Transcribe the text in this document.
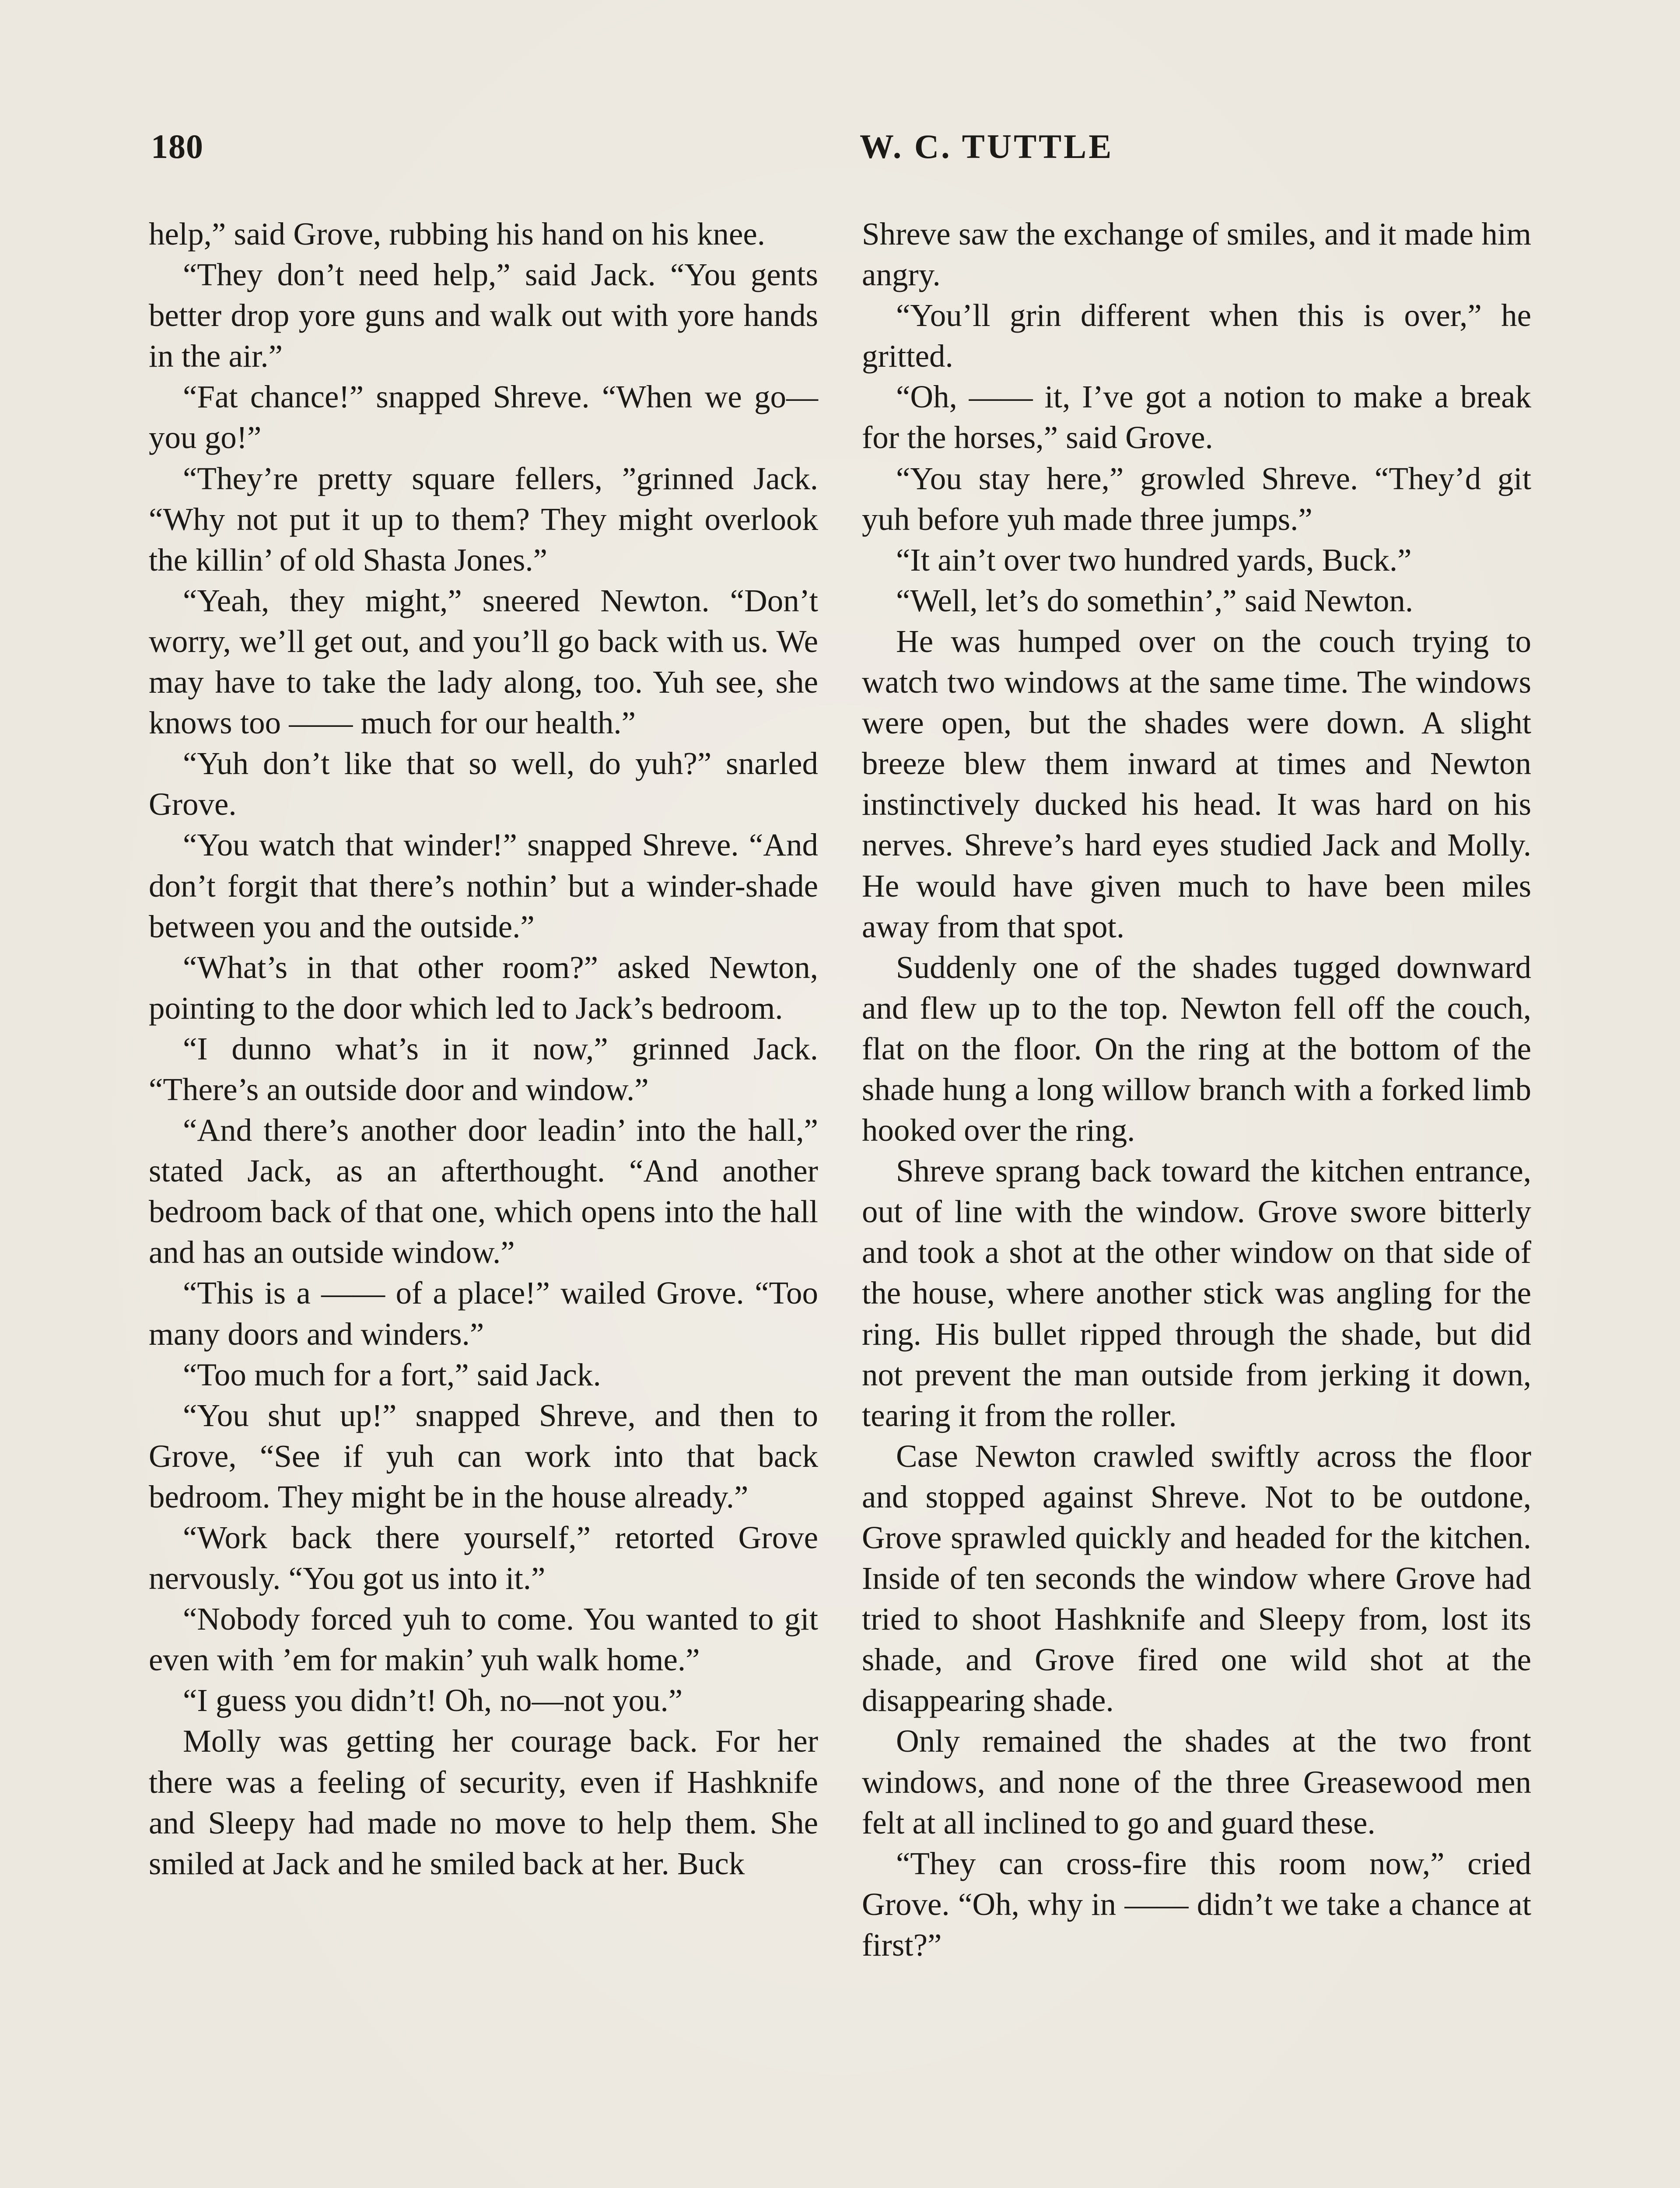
180	W. C. TUTTLE

help,” said Grove, rubbing his hand on his knee.

“They don’t need help,” said Jack. “You gents better drop yore guns and walk out with yore hands in the air.”

“Fat chance!” snapped Shreve. “When we go—you go!”

“They’re pretty square fellers, ”grinned Jack. “Why not put it up to them? They might overlook the killin’ of old Shasta Jones.”

“Yeah, they might,” sneered Newton. “Don’t worry, we’ll get out, and you’ll go back with us. We may have to take the lady along, too. Yuh see, she knows too —— much for our health.”

“Yuh don’t like that so well, do yuh?” snarled Grove.

“You watch that winder!” snapped Shreve. “And don’t forgit that there’s nothin’ but a winder-shade between you and the outside.”

“What’s in that other room?” asked Newton, pointing to the door which led to Jack’s bedroom.

“I dunno what’s in it now,” grinned Jack. “There’s an outside door and window.”

“And there’s another door leadin’ into the hall,” stated Jack, as an afterthought. “And another bedroom back of that one, which opens into the hall and has an outside window.”

“This is a —— of a place!” wailed Grove. “Too many doors and winders.”

“Too much for a fort,” said Jack.

“You shut up!” snapped Shreve, and then to Grove, “See if yuh can work into that back bedroom. They might be in the house already.”

“Work back there yourself,” retorted Grove nervously. “You got us into it.”

“Nobody forced yuh to come. You wanted to git even with ’em for makin’ yuh walk home.”

“I guess you didn’t! Oh, no—not you.”

Molly was getting her courage back. For her there was a feeling of security, even if Hashknife and Sleepy had made no move to help them. She smiled at Jack and he smiled back at her. Buck

Shreve saw the exchange of smiles, and it made him angry.

“You’ll grin different when this is over,” he gritted.

“Oh, —— it, I’ve got a notion to make a break for the horses,” said Grove.

“You stay here,” growled Shreve. “They’d git yuh before yuh made three jumps.”

“It ain’t over two hundred yards, Buck.”

“Well, let’s do somethin’,” said Newton.

He was humped over on the couch trying to watch two windows at the same time. The windows were open, but the shades were down. A slight breeze blew them inward at times and Newton instinctively ducked his head. It was hard on his nerves. Shreve’s hard eyes studied Jack and Molly. He would have given much to have been miles away from that spot.

Suddenly one of the shades tugged downward and flew up to the top. Newton fell off the couch, flat on the floor. On the ring at the bottom of the shade hung a long willow branch with a forked limb hooked over the ring.

Shreve sprang back toward the kitchen entrance, out of line with the window. Grove swore bitterly and took a shot at the other window on that side of the house, where another stick was angling for the ring. His bullet ripped through the shade, but did not prevent the man outside from jerking it down, tearing it from the roller.

Case Newton crawled swiftly across the floor and stopped against Shreve. Not to be outdone, Grove sprawled quickly and headed for the kitchen. Inside of ten seconds the window where Grove had tried to shoot Hashknife and Sleepy from, lost its shade, and Grove fired one wild shot at the disappearing shade.

Only remained the shades at the two front windows, and none of the three Greasewood men felt at all inclined to go and guard these.

“They can cross-fire this room now,” cried Grove. “Oh, why in —— didn’t we take a chance at first?”
